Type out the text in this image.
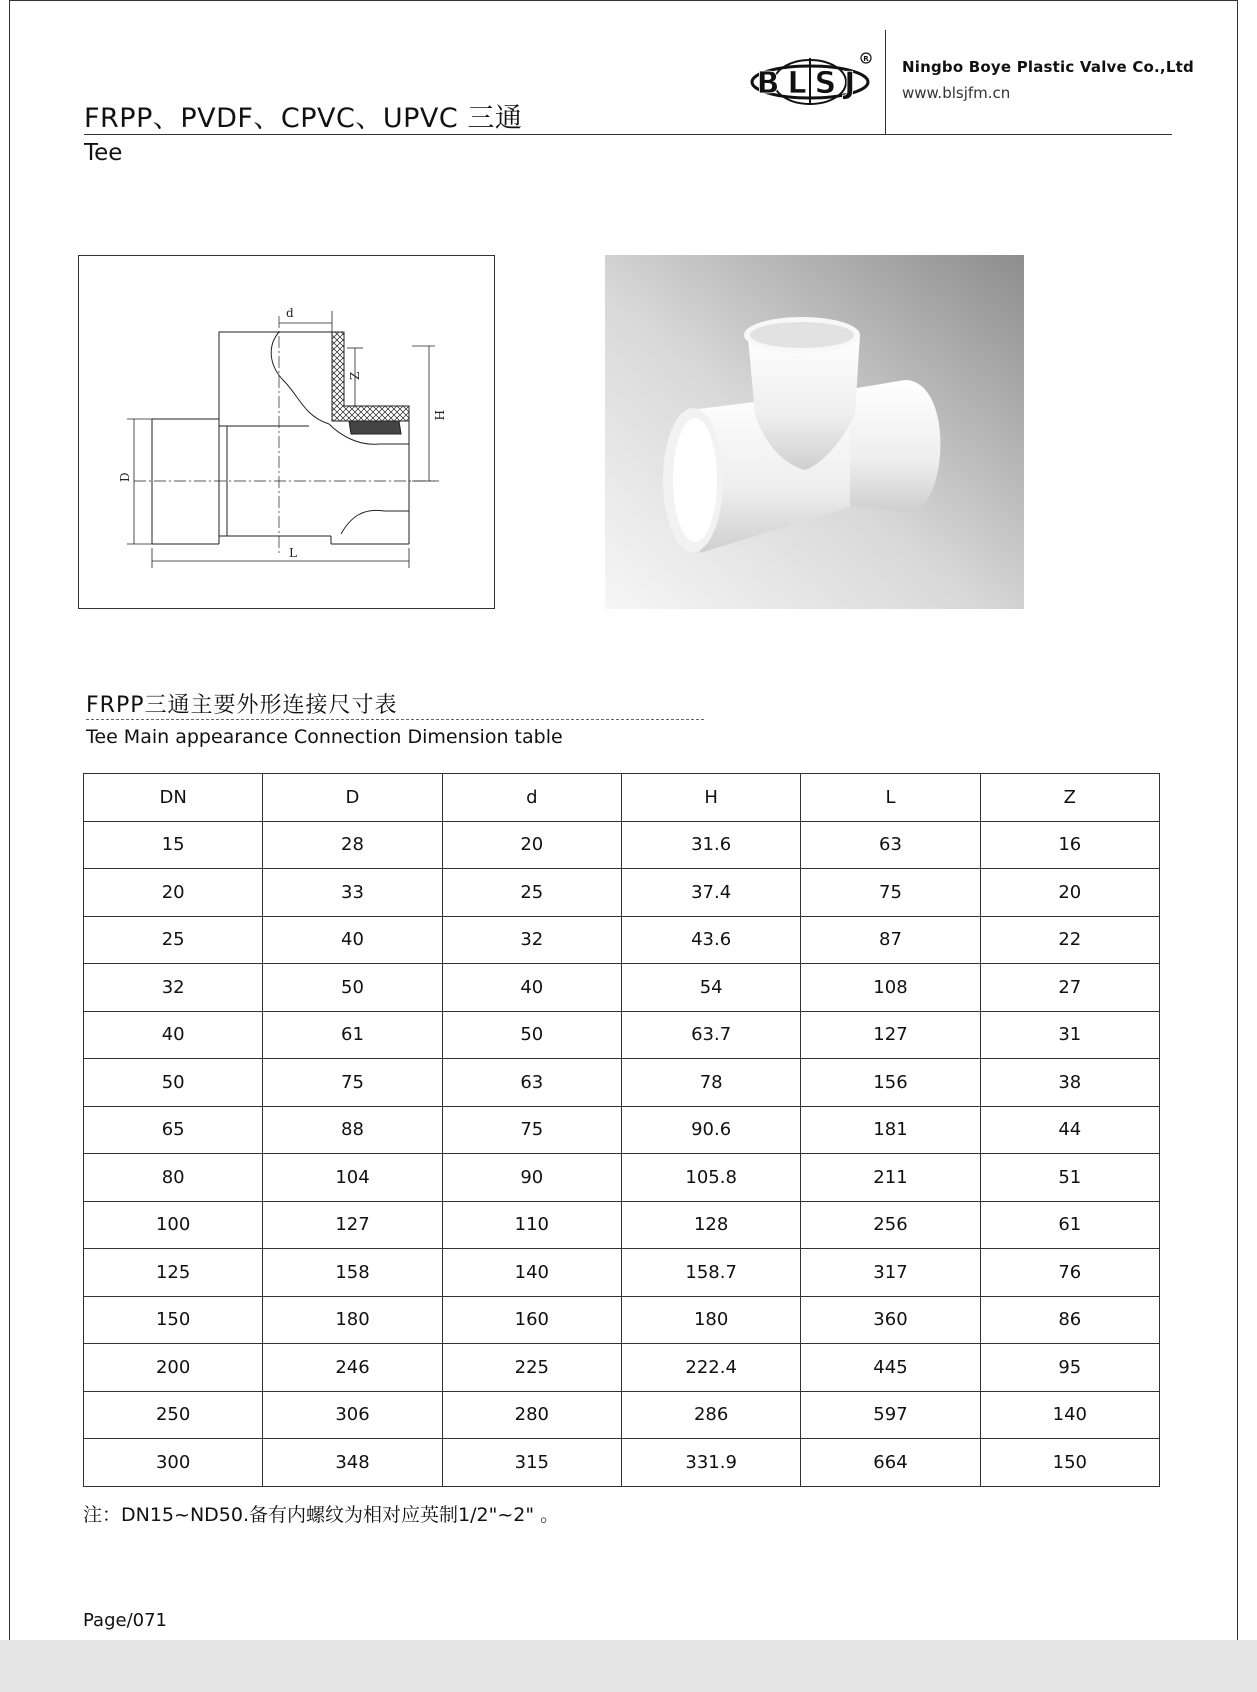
FRPP、PVDF、CPVC、UPVC 三通
Tee
BLSJ
R Ningbo Boye Plastic Valve Co.,Ltd
www.blsjfm.cn
d
Z
H
D
L
FRPP三通主要外形连接尺寸表
Tee Main appearance Connection Dimension table
DN	D	d	H	L	Z
15	28	20	31.6	63	16
20	33	25	37.4	75	20
25	40	32	43.6	87	22
32	50	40	54	108	27
40	61	50	63.7	127	31
50	75	63	78	156	38
65	88	75	90.6	181	44
80	104	90	105.8	211	51
100	127	110	128	256	61
125	158	140	158.7	317	76
150	180	160	180	360	86
200	246	225	222.4	445	95
250	306	280	286	597	140
300	348	315	331.9	664	150
注：DN15~ND50.备有内螺纹为相对应英制1/2"~2" 。
Page/071
